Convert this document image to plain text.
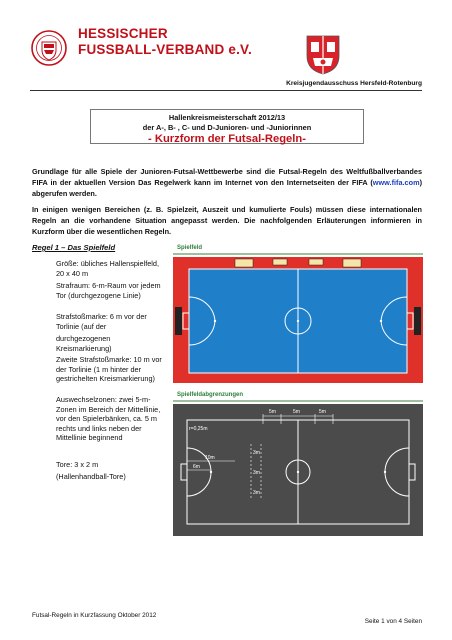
HESSISCHER
FUSSBALL-VERBAND e.V.
Kreisjugendausschuss Hersfeld-Rotenburg
Hallenkreismeisterschaft 2012/13
der A-, B- , C- und D-Junioren- und -Juniorinnen
- Kurzform der Futsal-Regeln-
Grundlage für alle Spiele der Junioren-Futsal-Wettbewerbe sind die Futsal-Regeln des Weltfußballverbandes FIFA in der aktuellen Version Das Regelwerk kann im Internet von den Internetseiten der FIFA (www.fifa.com) abgerufen werden.
In einigen wenigen Bereichen (z. B. Spielzeit, Auszeit und kumulierte Fouls) müssen diese internationalen Regeln an die vorhandene Situation angepasst werden. Die nachfolgenden Erläuterungen informieren in Kurzform über die wesentlichen Regeln.
Regel 1 – Das Spielfeld
Größe: übliches Hallenspielfeld, 20 x 40 m
Strafraum: 6-m-Raum vor jedem Tor (durchgezogene Linie)
Strafstoßmarke: 6 m vor der Torlinie (auf der
durchgezogenen Kreismarkierung)
Zweite Strafstoßmarke: 10 m vor der Torlinie (1 m hinter der gestrichelten Kreismarkierung)
Auswechselzonen: zwei 5-m-Zonen im Bereich der Mittellinie, vor den Spielerbänken, ca. 5 m rechts und links neben der Mittellinie beginnend
Tore: 3 x 2 m
(Hallenhandball-Tore)
Spielfeld
Spielfeldabgrenzungen
r=0,25m
5m	5m	5m
10m
6m
3m
3m
3m
Futsal-Regeln in Kurzfassung Oktober 2012
Seite 1 von 4 Seiten
